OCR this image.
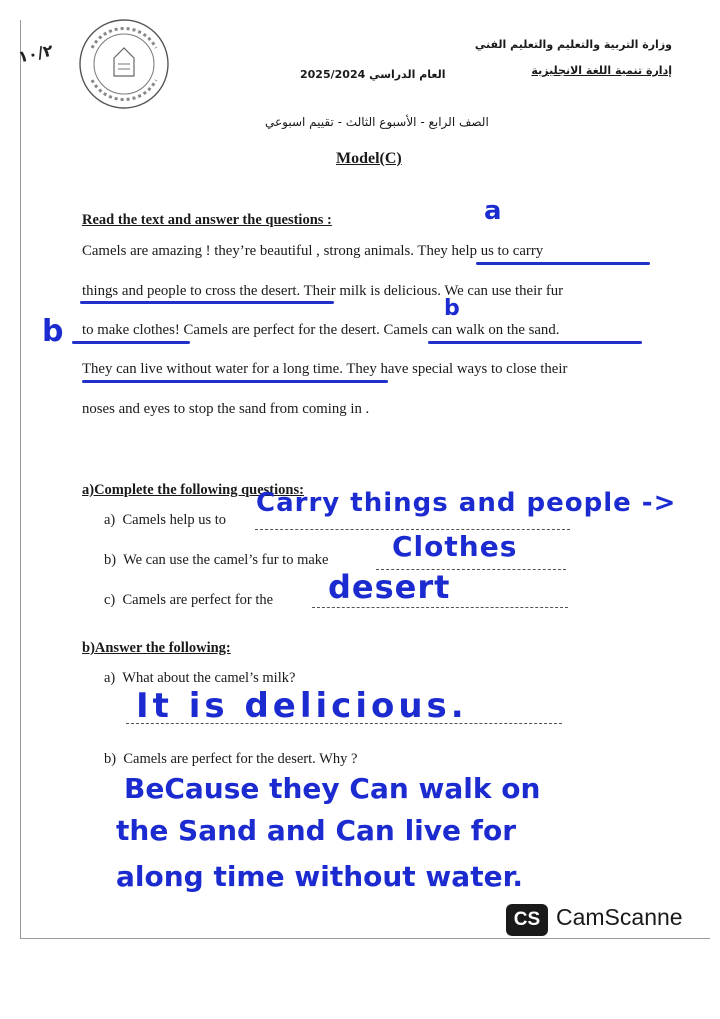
١٠/٢	وزارة التربية والتعليم والتعليم الفني
إدارة تنمية اللغة الانجليزية
العام الدراسي 2025/2024
الصف الرابع - الأسبوع الثالث - تقييم اسبوعي
Model(C)
Read the text and answer the questions :	a
b
b
Camels are amazing ! they’re beautiful , strong animals. They help us to carry
things and people to cross the desert. Their milk is delicious. We can use their fur
to make clothes! Camels are perfect for the desert. Camels can walk on the sand.
They can live without water for a long time. They have special ways to close their
noses and eyes to stop the sand from coming in .
a)Complete the following questions:
a) Camels help us to
Carry things and people ->
b) We can use the camel’s fur to make Clothes
c) Camels are perfect for the desert
b)Answer the following:
a) What about the camel’s milk?
It is delicious.
b) Camels are perfect for the desert. Why ?
BeCause they Can walk on
the Sand and Can live for
along time without water.
CS CamScanne
